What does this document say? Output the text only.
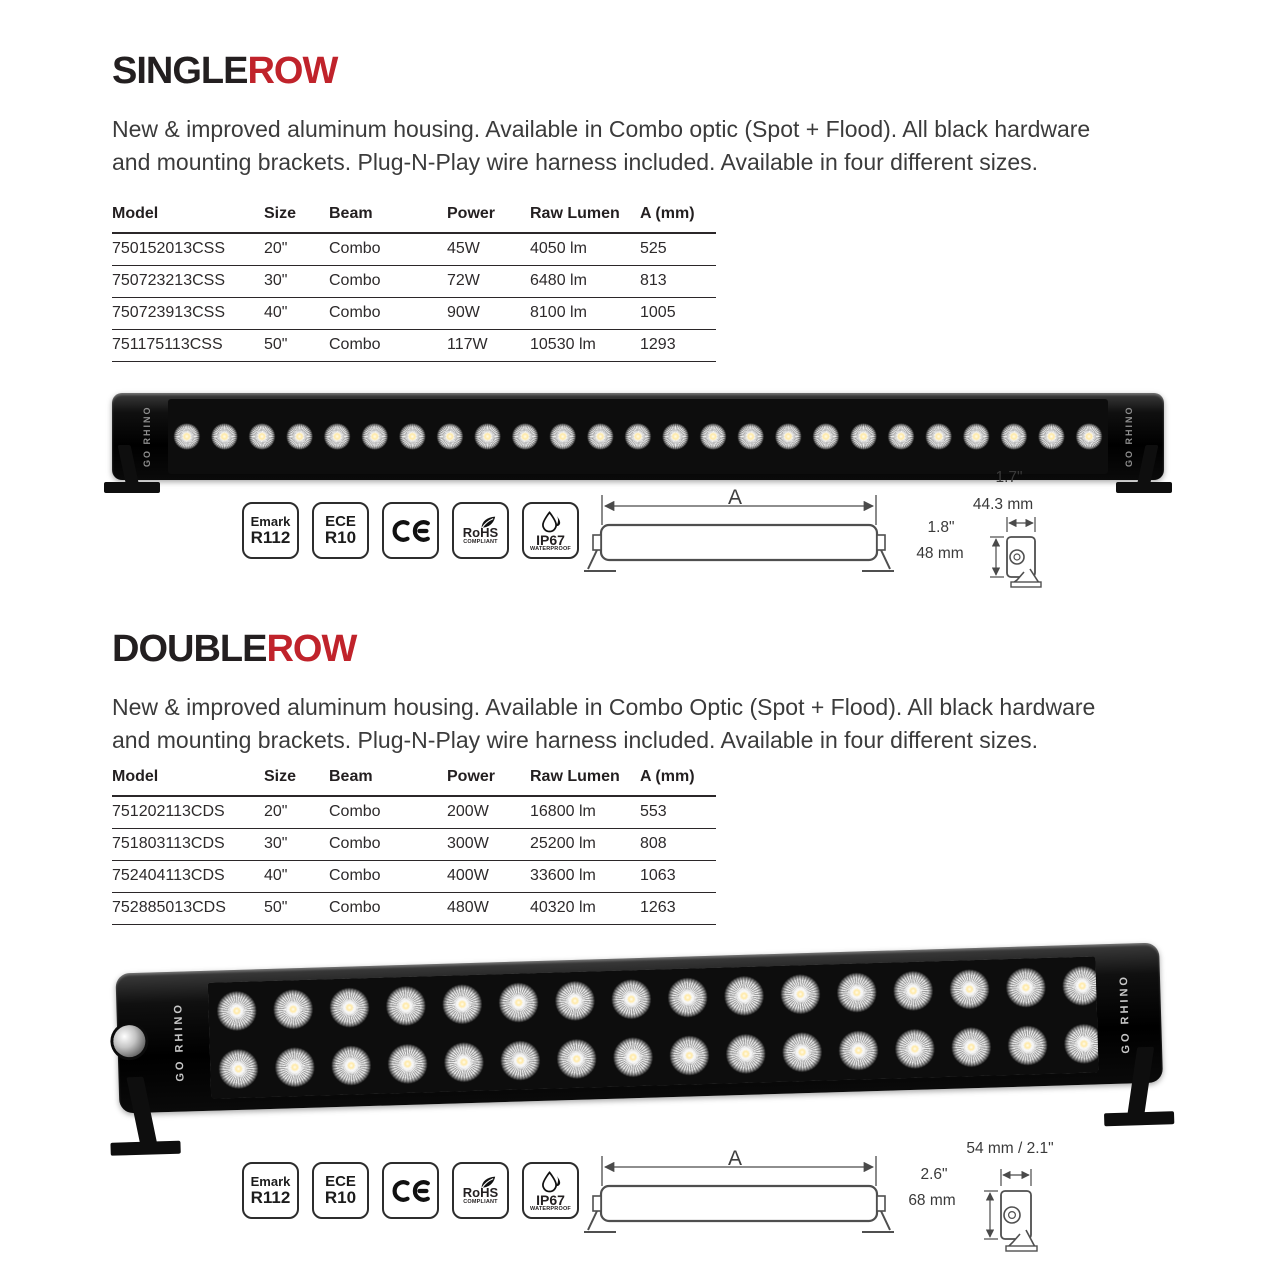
SINGLEROW
New & improved aluminum housing. Available in Combo optic (Spot + Flood). All black hardware
and mounting brackets. Plug-N-Play wire harness included. Available in four different sizes.
Model	Size	Beam	Power	Raw Lumen	A (mm)
750152013CSS	20"	Combo	45W	4050 lm	525
750723213CSS	30"	Combo	72W	6480 lm	813
750723913CSS	40"	Combo	90W	8100 lm	1005
751175113CSS	50"	Combo	117W	10530 lm	1293
GO RHINO	GO RHINO
Emark
R112
ECE
R10	RoHS
COMPLIANT	IP67
WATERPROOF
A
1.7"
44.3 mm
1.8"
48 mm
DOUBLEROW
New & improved aluminum housing. Available in Combo Optic (Spot + Flood). All black hardware
and mounting brackets. Plug-N-Play wire harness included. Available in four different sizes.
Model	Size	Beam	Power	Raw Lumen	A (mm)
751202113CDS	20"	Combo	200W	16800 lm	553
751803113CDS	30"	Combo	300W	25200 lm	808
752404113CDS	40"	Combo	400W	33600 lm	1063
752885013CDS	50"	Combo	480W	40320 lm	1263
GO RHINO	GO RHINO
Emark
R112
ECE
R10	RoHS
COMPLIANT	IP67
WATERPROOF
A	54 mm / 2.1"
2.6"
68 mm
